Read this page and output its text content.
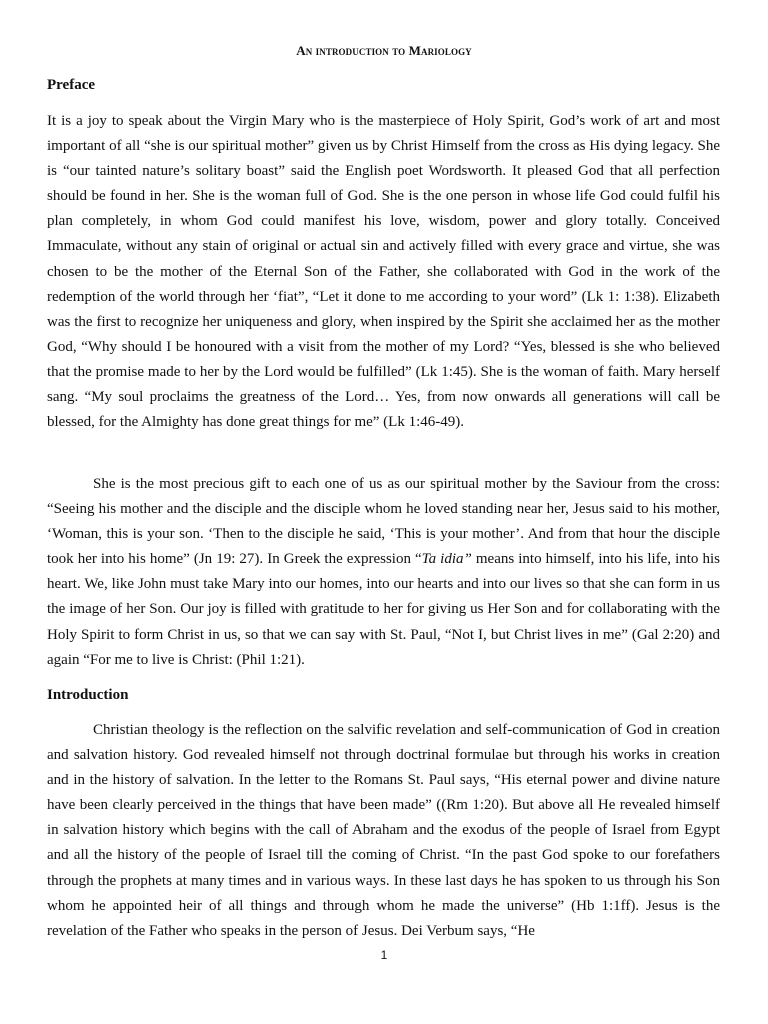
An introduction to Mariology
Preface

It is a joy to speak about the Virgin Mary who is the masterpiece of Holy Spirit, God’s work of art and most important of all “she is our spiritual mother” given us by Christ Himself from the cross as His dying legacy. She is “our tainted nature’s solitary boast” said the English poet Wordsworth. It pleased God that all perfection should be found in her. She is the woman full of God. She is the one person in whose life God could fulfil his plan completely, in whom God could manifest his love, wisdom, power and glory totally. Conceived Immaculate, without any stain of original or actual sin and actively filled with every grace and virtue, she was chosen to be the mother of the Eternal Son of the Father, she collaborated with God in the work of the redemption of the world through her ‘fiat”, “Let it done to me according to your word” (Lk 1: 1:38). Elizabeth was the first to recognize her uniqueness and glory, when inspired by the Spirit she acclaimed her as the mother God, “Why should I be honoured with a visit from the mother of my Lord? “Yes, blessed is she who believed that the promise made to her by the Lord would be fulfilled” (Lk 1:45). She is the woman of faith. Mary herself sang. “My soul proclaims the greatness of the Lord… Yes, from now onwards all generations will call be blessed, for the Almighty has done great things for me” (Lk 1:46-49).

She is the most precious gift to each one of us as our spiritual mother by the Saviour from the cross: “Seeing his mother and the disciple and the disciple whom he loved standing near her, Jesus said to his mother, ‘Woman, this is your son. ‘Then to the disciple he said, ‘This is your mother’. And from that hour the disciple took her into his home” (Jn 19: 27). In Greek the expression “Ta idia” means into himself, into his life, into his heart. We, like John must take Mary into our homes, into our hearts and into our lives so that she can form in us the image of her Son. Our joy is filled with gratitude to her for giving us Her Son and for collaborating with the Holy Spirit to form Christ in us, so that we can say with St. Paul, “Not I, but Christ lives in me” (Gal 2:20) and again “For me to live is Christ: (Phil 1:21).

Introduction

Christian theology is the reflection on the salvific revelation and self-communication of God in creation and salvation history. God revealed himself not through doctrinal formulae but through his works in creation and in the history of salvation. In the letter to the Romans St. Paul says, “His eternal power and divine nature have been clearly perceived in the things that have been made” ((Rm 1:20). But above all He revealed himself in salvation history which begins with the call of Abraham and the exodus of the people of Israel from Egypt and all the history of the people of Israel till the coming of Christ. “In the past God spoke to our forefathers through the prophets at many times and in various ways. In these last days he has spoken to us through his Son whom he appointed heir of all things and through whom he made the universe” (Hb 1:1ff). Jesus is the revelation of the Father who speaks in the person of Jesus. Dei Verbum says, “He

1
